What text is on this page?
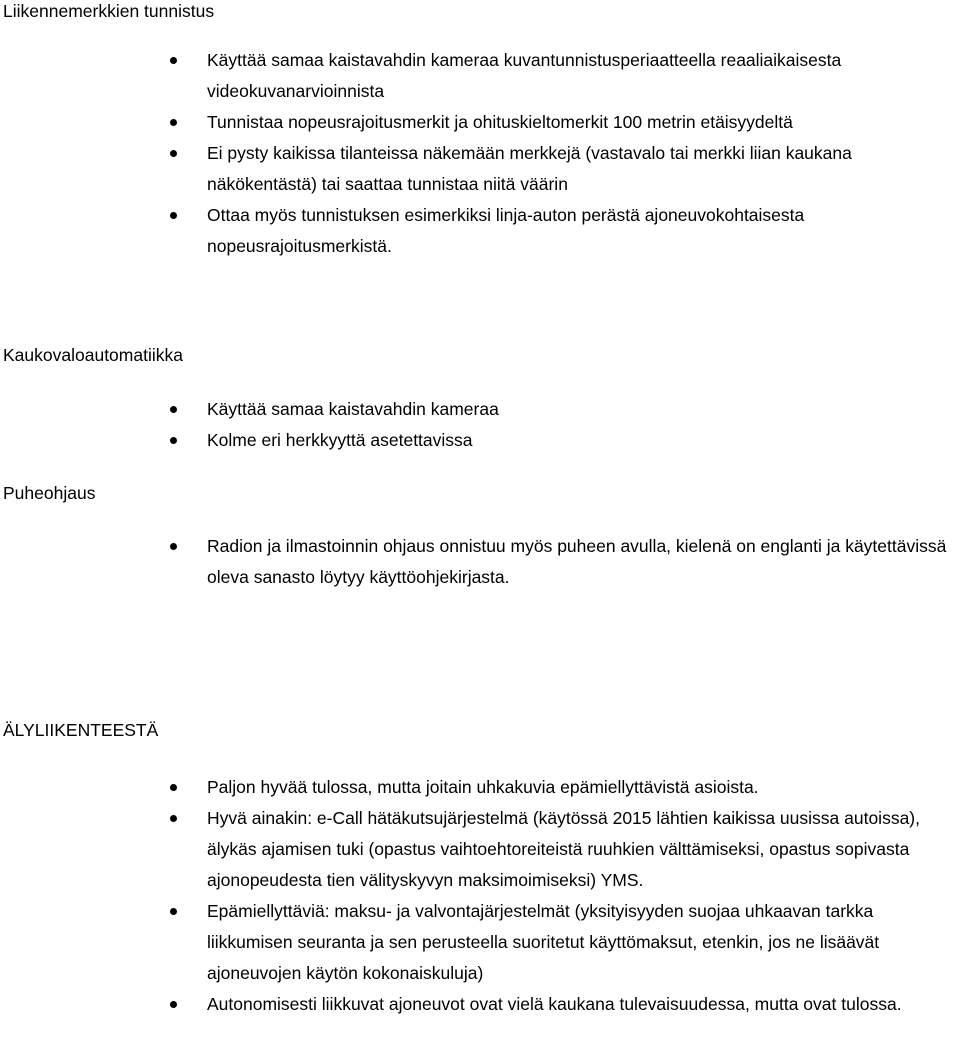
Liikennemerkkien tunnistus
Käyttää samaa kaistavahdin kameraa kuvantunnistusperiaatteella reaaliaikaisesta videokuvanarvioinnista
Tunnistaa nopeusrajoitusmerkit ja ohituskieltomerkit 100 metrin etäisyydeltä
Ei pysty kaikissa tilanteissa näkemään merkkejä (vastavalo tai merkki liian kaukana näkökentästä) tai saattaa tunnistaa niitä väärin
Ottaa myös tunnistuksen esimerkiksi linja-auton perästä ajoneuvokohtaisesta nopeusrajoitusmerkistä.
Kaukovaloautomatiikka
Käyttää samaa kaistavahdin kameraa
Kolme eri herkkyyttä asetettavissa
Puheohjaus
Radion ja ilmastoinnin ohjaus onnistuu myös puheen avulla, kielenä on englanti ja käytettävissä oleva sanasto löytyy käyttöohjekirjasta.
ÄLYLIIKENTEESTÄ
Paljon hyvää tulossa, mutta joitain uhkakuvia epämiellyttävistä asioista.
Hyvä ainakin: e-Call hätäkutsujärjestelmä (käytössä 2015 lähtien kaikissa uusissa autoissa), älykäs ajamisen tuki (opastus vaihtoehtoreiteistä ruuhkien välttämiseksi, opastus sopivasta ajonopeudesta tien välityskyvyn maksimoimiseksi) YMS.
Epämiellyttäviä: maksu- ja valvontajärjestelmät (yksityisyyden suojaa uhkaavan tarkka liikkumisen seuranta ja sen perusteella suoritetut käyttömaksut, etenkin, jos ne lisäävät ajoneuvojen käytön kokonaiskuluja)
Autonomisesti liikkuvat ajoneuvot ovat vielä kaukana tulevaisuudessa, mutta ovat tulossa.
